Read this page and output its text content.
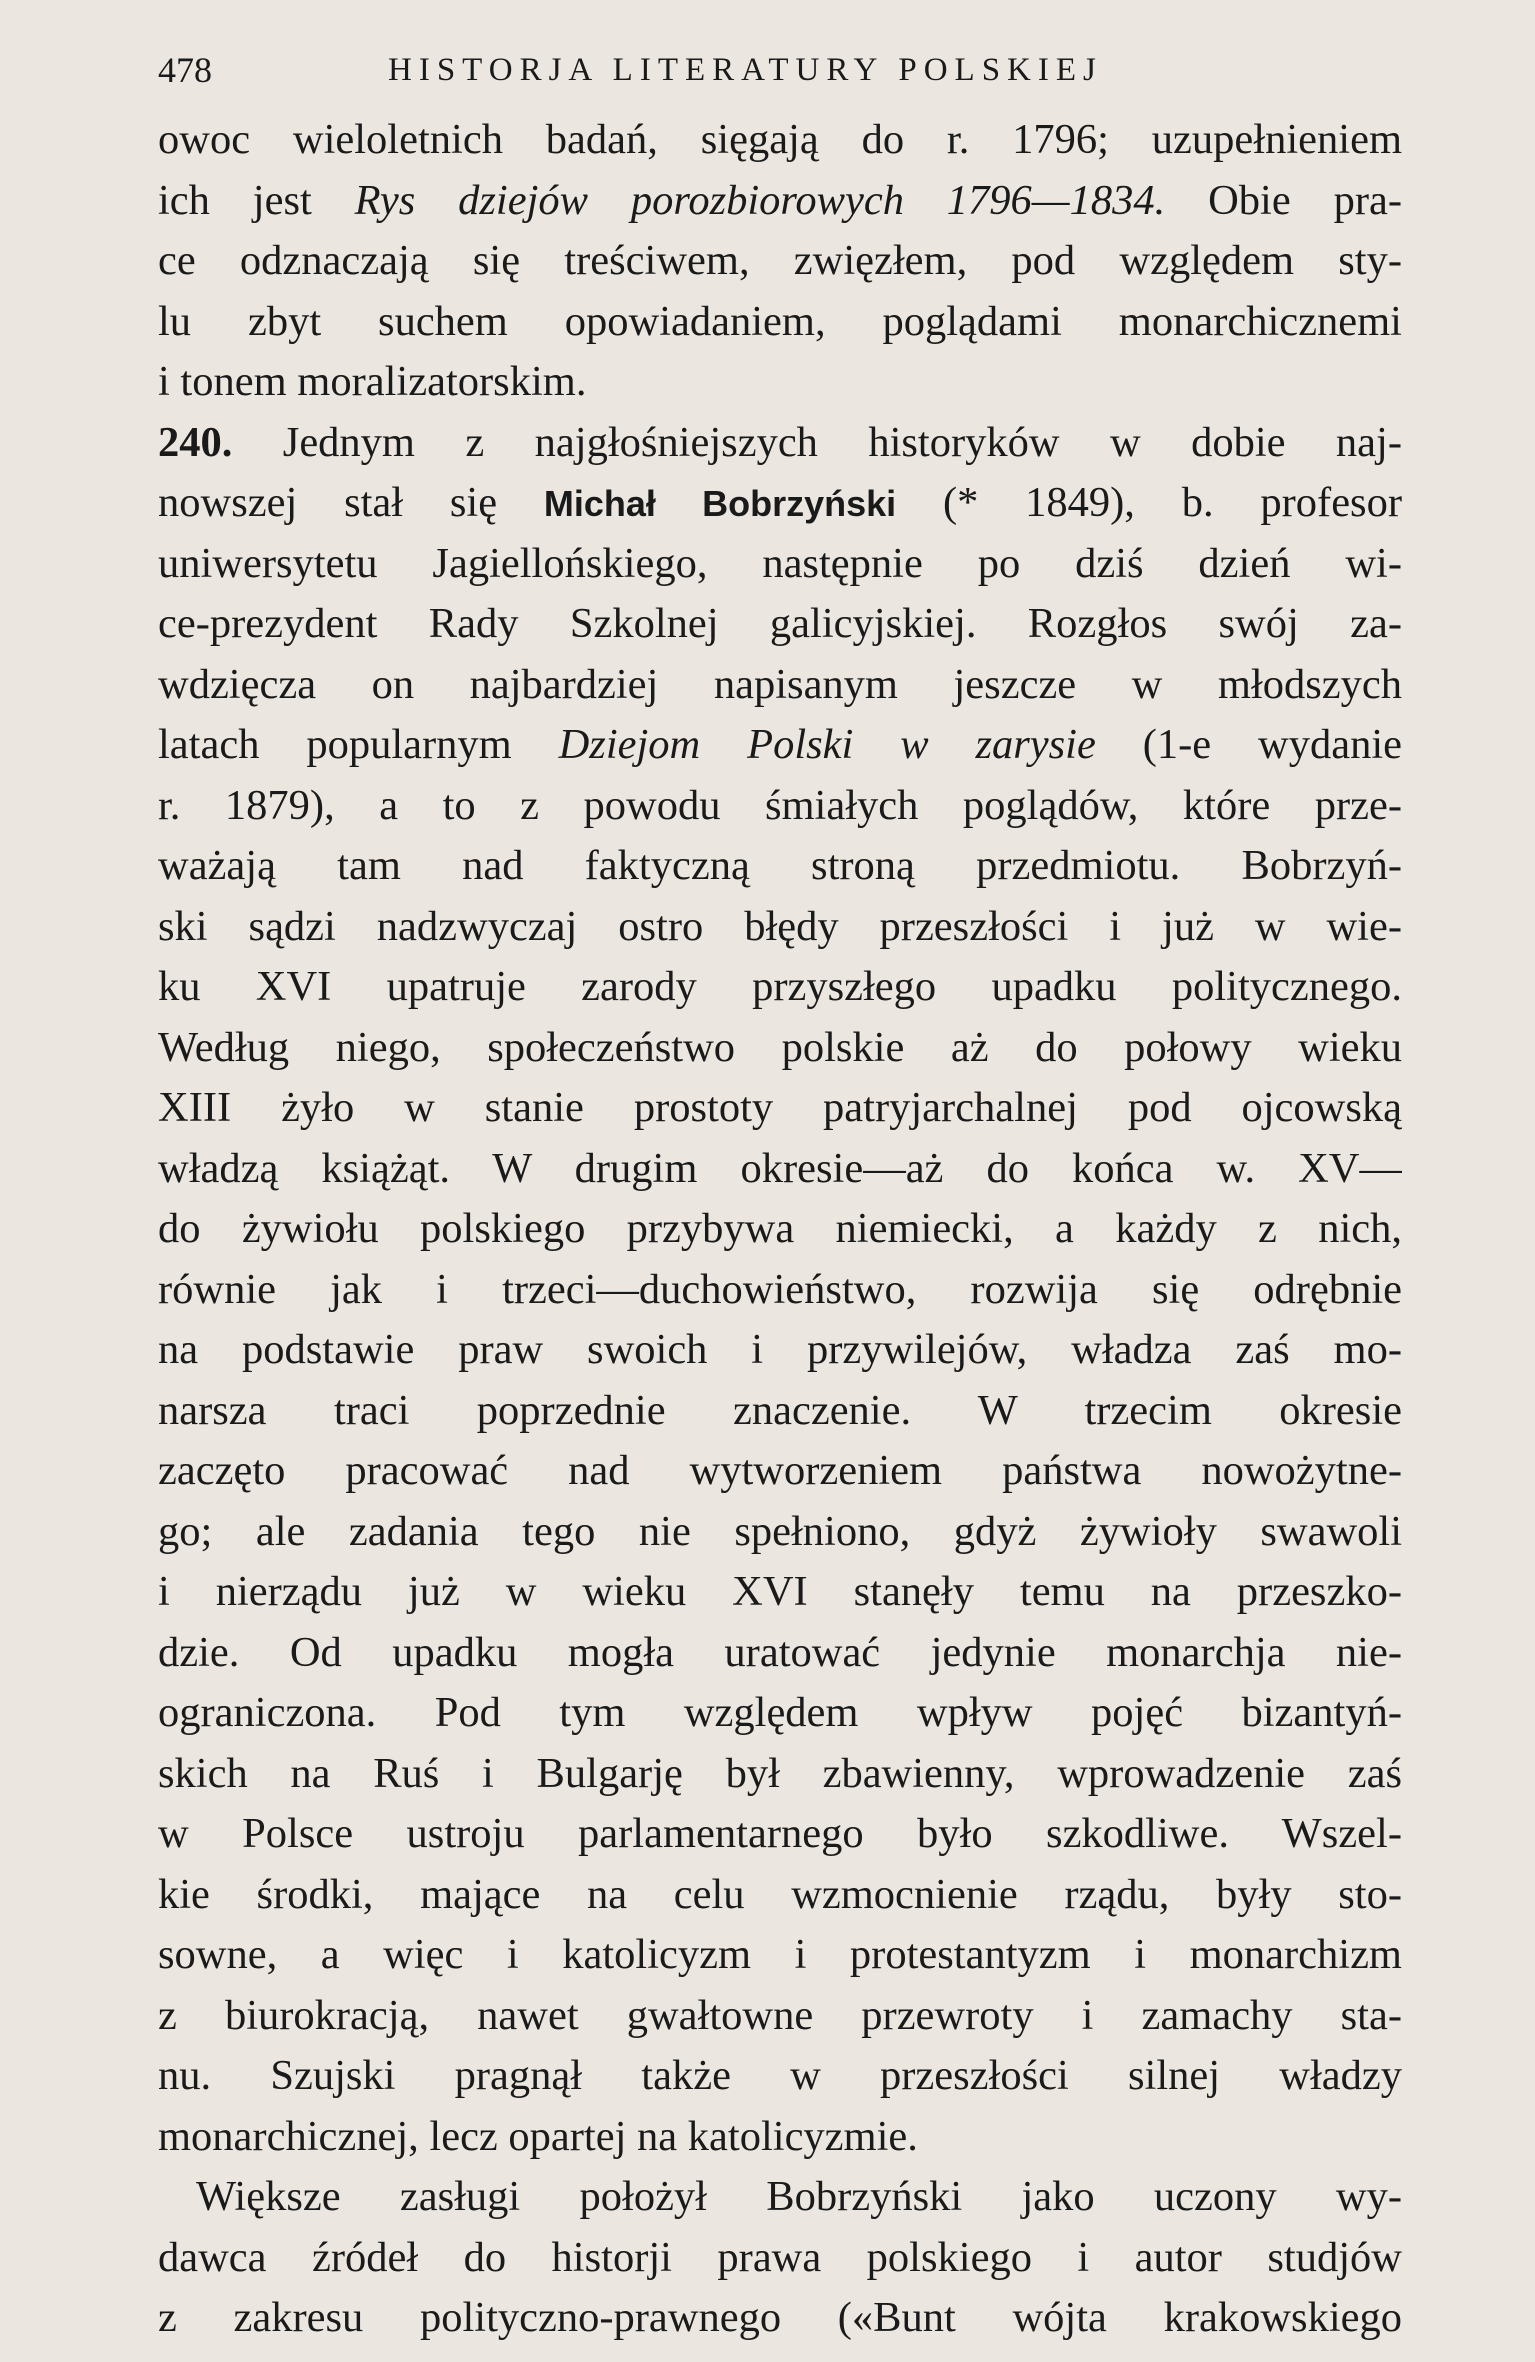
478	HISTORJA LITERATURY POLSKIEJ
owoc wieloletnich badań, sięgają do r. 1796; uzupełnieniem
ich jest Rys dziejów porozbiorowych 1796—1834. Obie pra-
ce odznaczają się treściwem, zwięzłem, pod względem sty-
lu zbyt suchem opowiadaniem, poglądami monarchicznemi
i tonem moralizatorskim.
240. Jednym z najgłośniejszych historyków w dobie naj-
nowszej stał się Michał Bobrzyński (* 1849), b. profesor
uniwersytetu Jagiellońskiego, następnie po dziś dzień wi-
ce-prezydent Rady Szkolnej galicyjskiej. Rozgłos swój za-
wdzięcza on najbardziej napisanym jeszcze w młodszych
latach popularnym Dziejom Polski w zarysie (1-e wydanie
r. 1879), a to z powodu śmiałych poglądów, które prze-
ważają tam nad faktyczną stroną przedmiotu. Bobrzyń-
ski sądzi nadzwyczaj ostro błędy przeszłości i już w wie-
ku XVI upatruje zarody przyszłego upadku politycznego.
Według niego, społeczeństwo polskie aż do połowy wieku
XIII żyło w stanie prostoty patryjarchalnej pod ojcowską
władzą książąt. W drugim okresie—aż do końca w. XV—
do żywiołu polskiego przybywa niemiecki, a każdy z nich,
równie jak i trzeci—duchowieństwo, rozwija się odrębnie
na podstawie praw swoich i przywilejów, władza zaś mo-
narsza traci poprzednie znaczenie. W trzecim okresie
zaczęto pracować nad wytworzeniem państwa nowożytne-
go; ale zadania tego nie spełniono, gdyż żywioły swawoli
i nierządu już w wieku XVI stanęły temu na przeszko-
dzie. Od upadku mogła uratować jedynie monarchja nie-
ograniczona. Pod tym względem wpływ pojęć bizantyń-
skich na Ruś i Bulgarję był zbawienny, wprowadzenie zaś
w Polsce ustroju parlamentarnego było szkodliwe. Wszel-
kie środki, mające na celu wzmocnienie rządu, były sto-
sowne, a więc i katolicyzm i protestantyzm i monarchizm
z biurokracją, nawet gwałtowne przewroty i zamachy sta-
nu. Szujski pragnął także w przeszłości silnej władzy
monarchicznej, lecz opartej na katolicyzmie.
Większe zasługi położył Bobrzyński jako uczony wy-
dawca źródeł do historji prawa polskiego i autor studjów
z zakresu polityczno-prawnego («Bunt wójta krakowskiego
